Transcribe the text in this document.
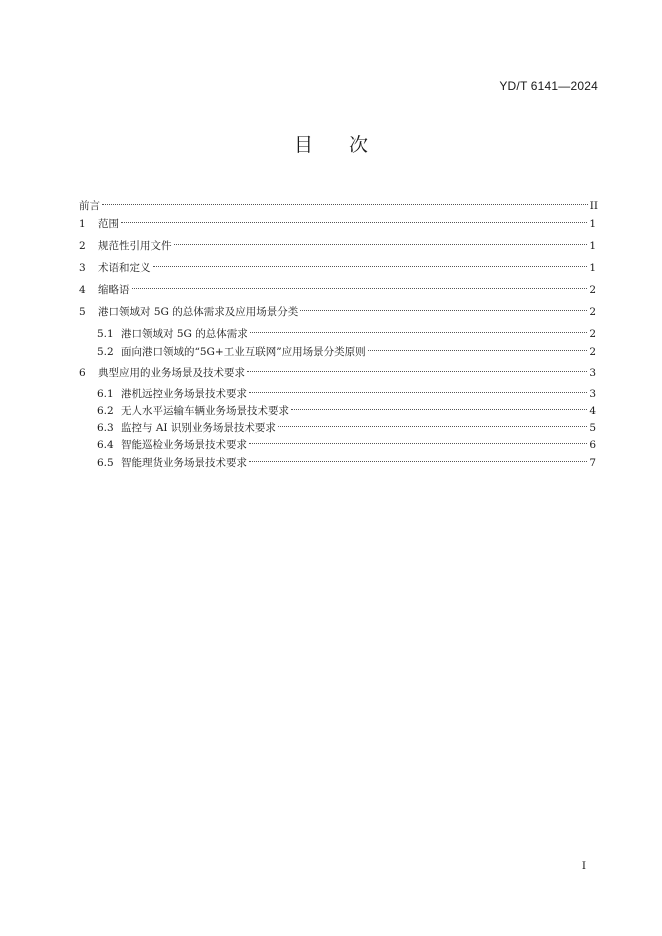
YD/T 6141—2024
目次
前言	II
1	范围	1
2	规范性引用文件	1
3	术语和定义	1
4	缩略语	2
5	港口领域对 5G 的总体需求及应用场景分类	2
5.1 港口领域对 5G 的总体需求	2
5.2 面向港口领域的“5G+工业互联网”应用场景分类原则	2
6	典型应用的业务场景及技术要求	3
6.1 港机远控业务场景技术要求	3
6.2 无人水平运输车辆业务场景技术要求	4
6.3 监控与 AI 识别业务场景技术要求	5
6.4 智能巡检业务场景技术要求	6
6.5 智能理货业务场景技术要求	7
I
